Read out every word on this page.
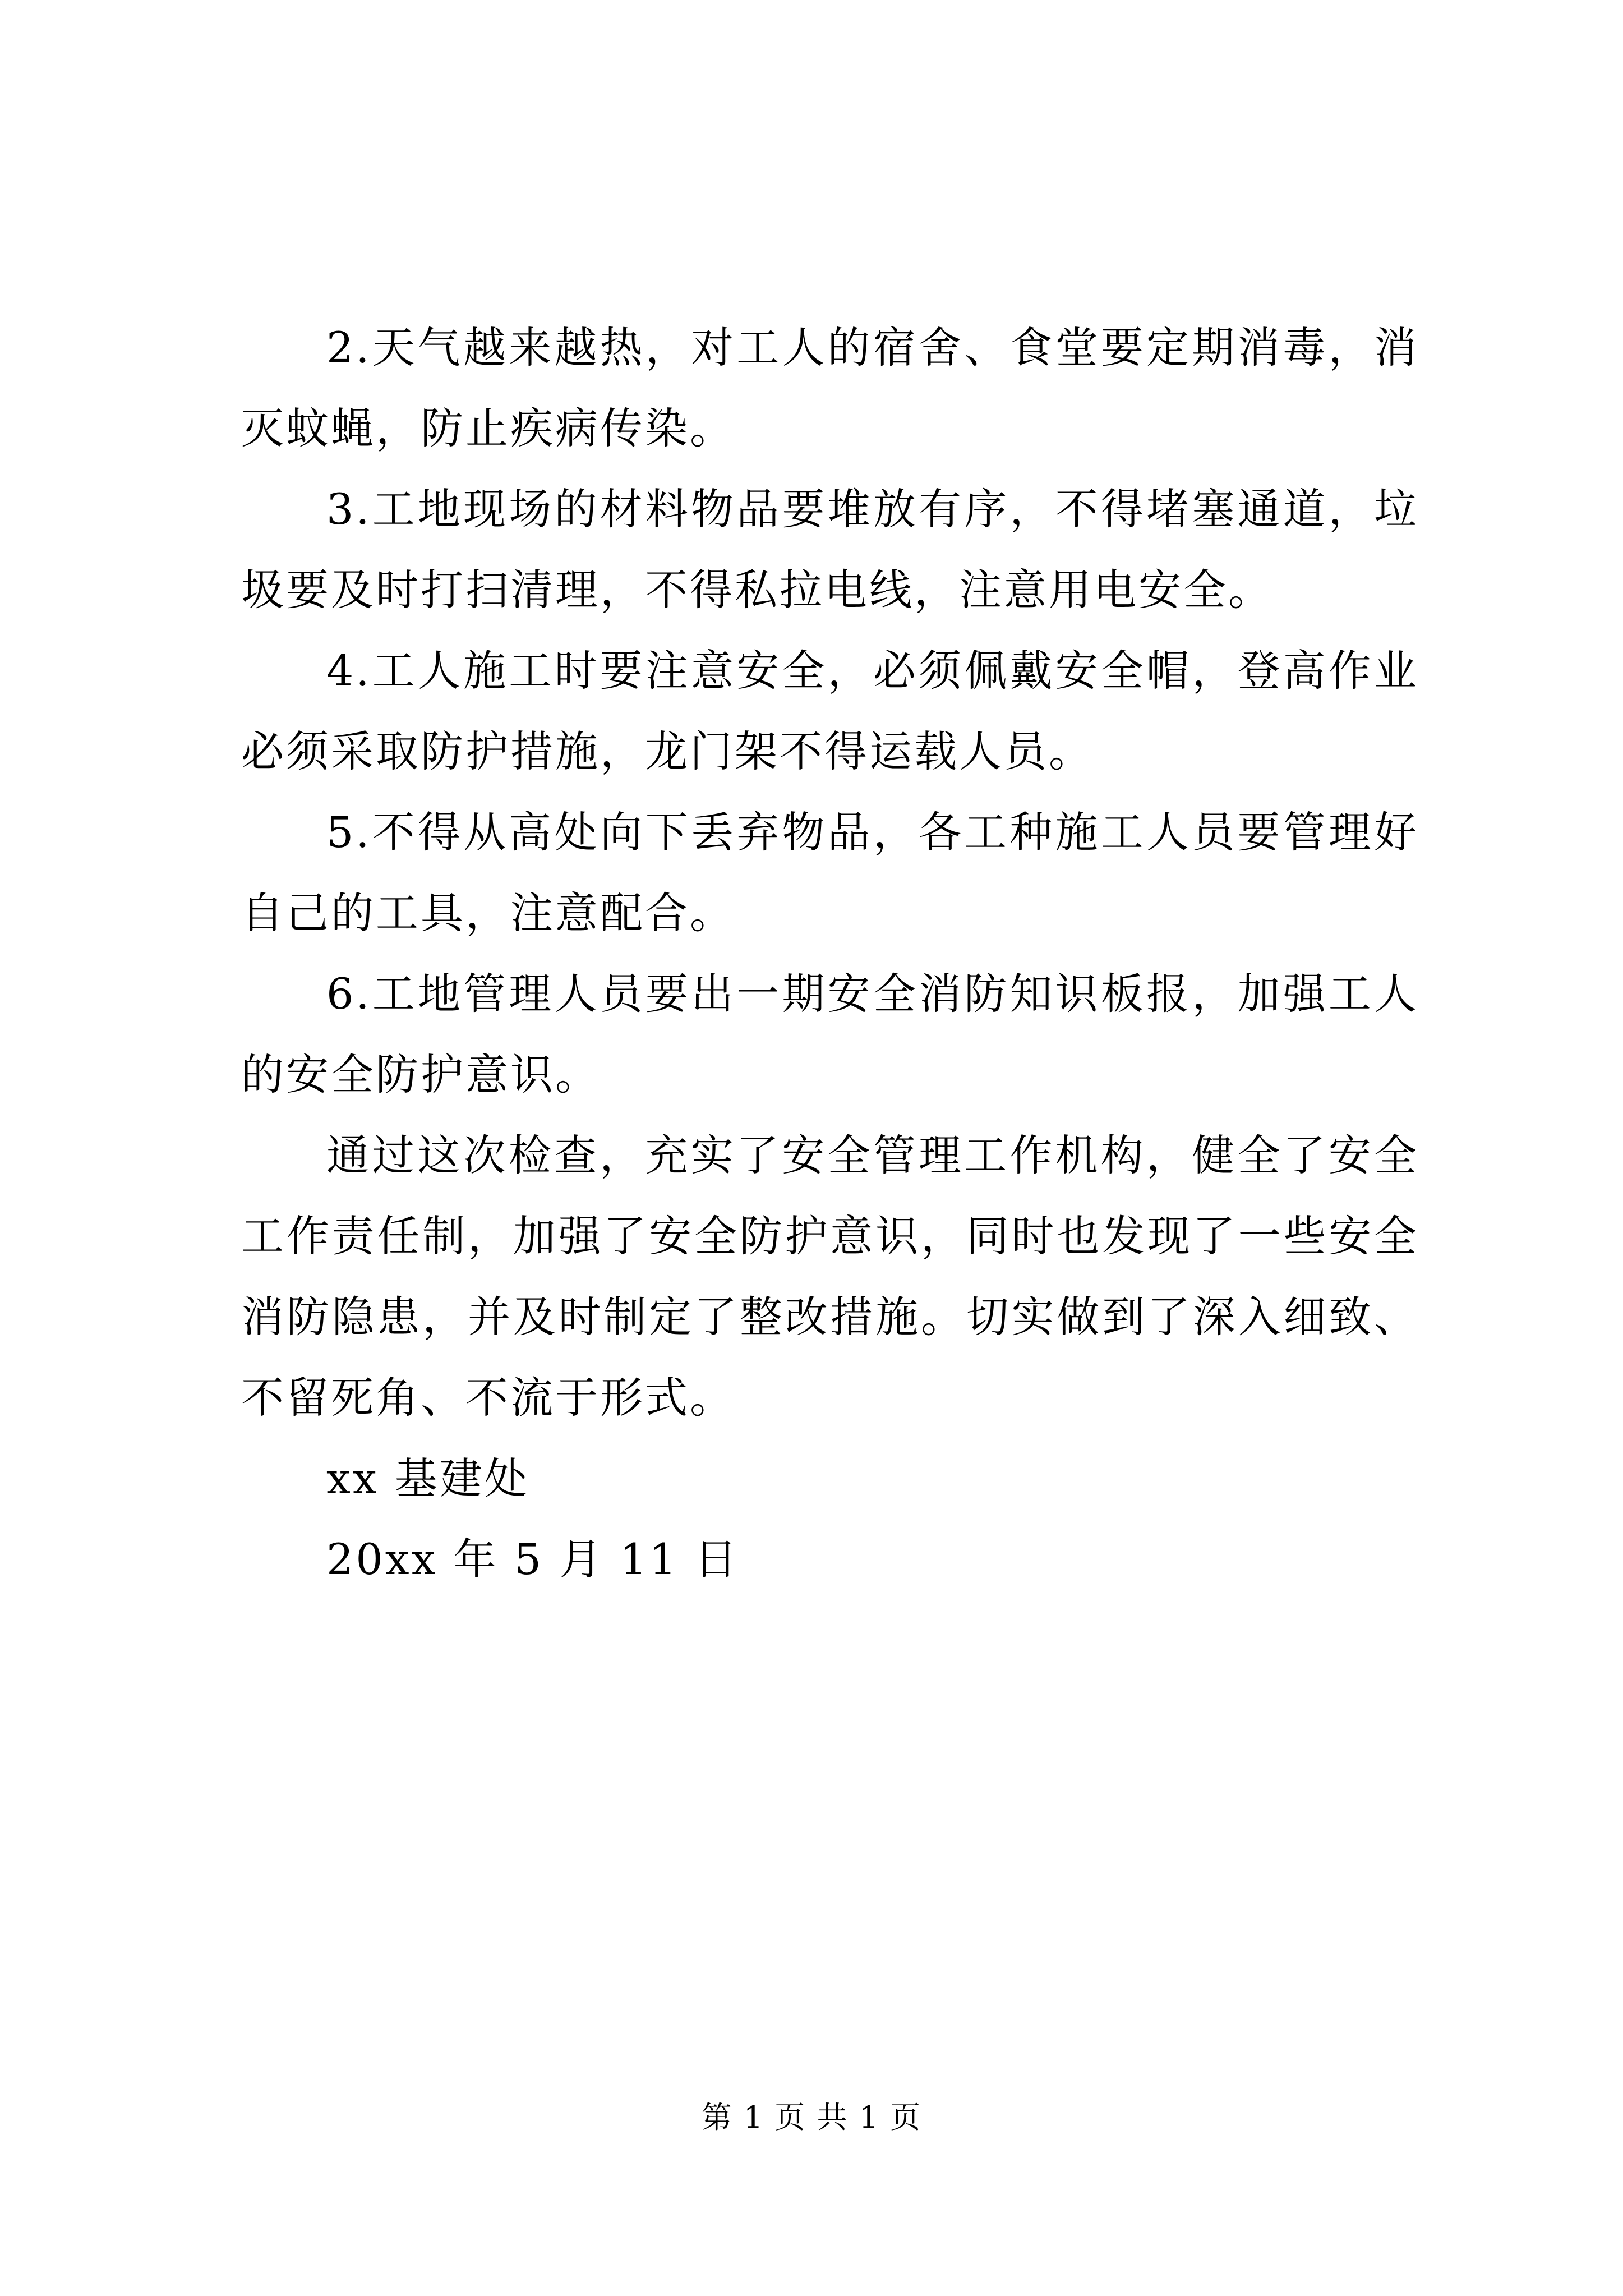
2.天气越来越热，对工人的宿舍、食堂要定期消毒，消灭蚊蝇，防止疾病传染。

3.工地现场的材料物品要堆放有序，不得堵塞通道，垃圾要及时打扫清理，不得私拉电线，注意用电安全。

4.工人施工时要注意安全，必须佩戴安全帽，登高作业必须采取防护措施，龙门架不得运载人员。

5.不得从高处向下丢弃物品，各工种施工人员要管理好自己的工具，注意配合。

6.工地管理人员要出一期安全消防知识板报，加强工人的安全防护意识。

通过这次检查，充实了安全管理工作机构，健全了安全工作责任制，加强了安全防护意识，同时也发现了一些安全消防隐患，并及时制定了整改措施。切实做到了深入细致、不留死角、不流于形式。

xx 基建处

20xx 年 5 月 11 日

第 1 页 共 1 页
